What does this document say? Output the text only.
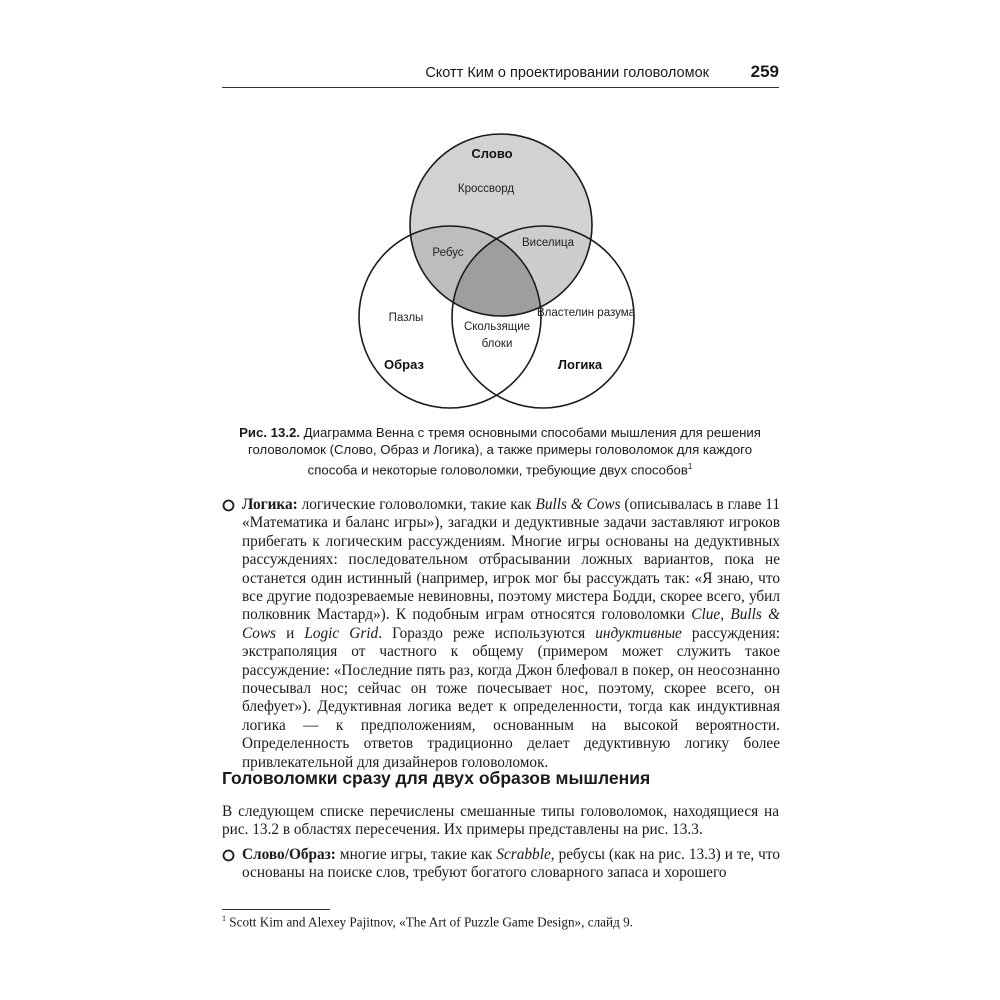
Скотт Ким о проектировании головоломок 259
Слово
Кроссворд
Ребус
Виселица
Пазлы	Властелин разума
Скользящие
блоки
Образ	Логика
Рис. 13.2. Диаграмма Венна с тремя основными способами мышления для решения головоломок (Слово, Образ и Логика), а также примеры головоломок для каждого способа и некоторые головоломки, требующие двух способов$^1$
Логика: логические головоломки, такие как Bulls & Cows (описывалась в главе 11 «Математика и баланс игры»), загадки и дедуктивные задачи заставляют игроков прибегать к логическим рассуждениям. Многие игры основаны на дедуктивных рассуждениях: последовательном отбрасывании ложных вариантов, пока не останется один истинный (например, игрок мог бы рассуждать так: «Я знаю, что все другие подозреваемые невиновны, поэтому мистера Бодди, скорее всего, убил полковник Мастард»). К подобным играм относятся головоломки Clue, Bulls & Cows и Logic Grid. Гораздо реже используются индуктивные рассуждения: экстраполяция от частного к общему (примером может служить такое рассуждение: «Последние пять раз, когда Джон блефовал в покер, он неосознанно почесывал нос; сейчас он тоже почесывает нос, поэтому, скорее всего, он блефует»). Дедуктивная логика ведет к определенности, тогда как индуктивная логика — к предположениям, основанным на высокой вероятности. Определенность ответов традиционно делает дедуктивную логику более привлекательной для дизайнеров головоломок.
Головоломки сразу для двух образов мышления
В следующем списке перечислены смешанные типы головоломок, находящиеся на рис. 13.2 в областях пересечения. Их примеры представлены на рис. 13.3.
Слово/Образ: многие игры, такие как Scrabble, ребусы (как на рис. 13.3) и те, что основаны на поиске слов, требуют богатого словарного запаса и хорошего
$^1$ Scott Kim and Alexey Pajitnov, «The Art of Puzzle Game Design», слайд 9.
